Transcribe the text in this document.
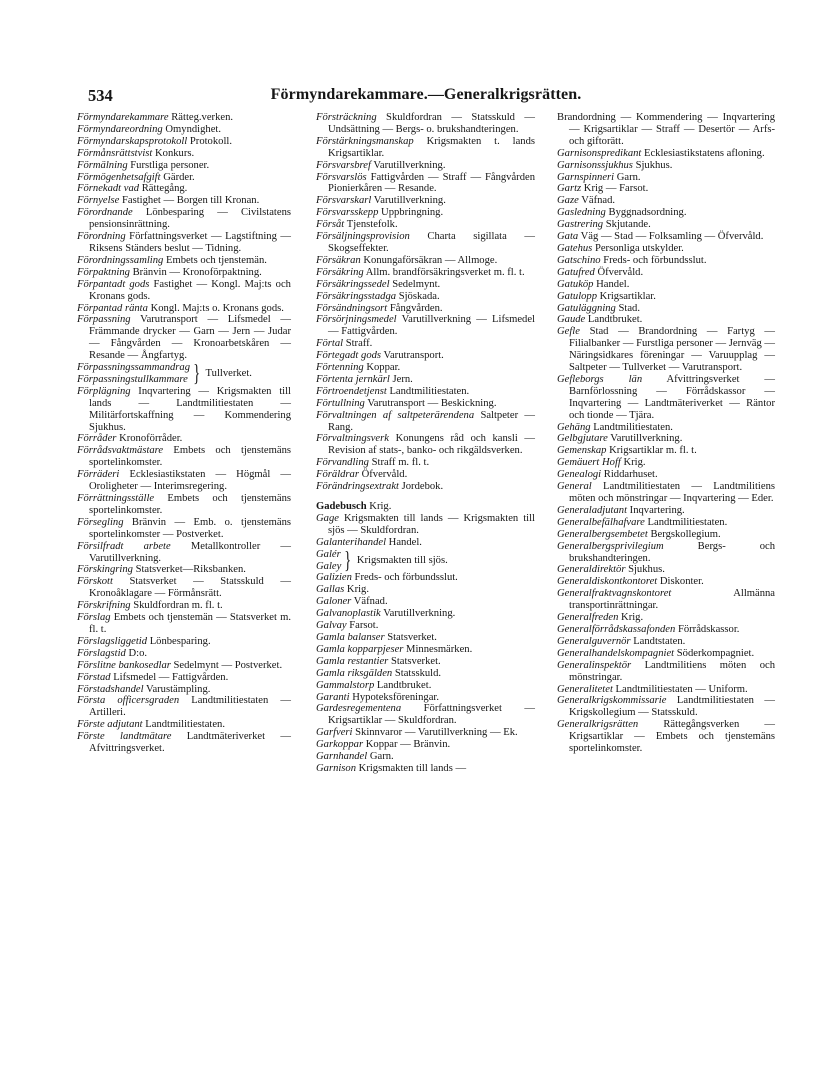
534	Förmyndarekammare.—Generalkrigsrätten.

Förmyndarekammare Rätteg.verken.

Förmyndareordning Omyndighet.

Förmyndarskapsprotokoll Protokoll.

Förmånsrättstvist Konkurs.

Förmälning Furstliga personer.

Förmögenhetsafgift Gärder.

Förnekadt vad Rättegång.

Förnyelse Fastighet — Borgen till Kronan.

Förordnande Lönbesparing — Civilstatens pensionsinrättning.

Förordning Författningsverket — Lagstiftning — Riksens Ständers beslut — Tidning.

Förordningssamling Embets och tjenstemän.

Förpaktning Bränvin — Kronoförpaktning.

Förpantadt gods Fastighet — Kongl. Maj:ts och Kronans gods.

Förpantad ränta Kongl. Maj:ts o. Kronans gods.

Förpassning Varutransport — Lifsmedel — Främmande drycker — Garn — Jern — Judar — Fångvården — Kronoarbetskåren — Resande — Ångfartyg.

Förpassningssammandrag
Förpassningstullkammare } Tullverket.

Förplägning Inqvartering — Krigsmakten till lands — Landtmilitiestaten — Militärfortskaffning — Kommendering Sjukhus.

Förråder Kronoförråder.

Förrådsvaktmästare Embets och tjenstemäns sportelinkomster.

Förräderi Ecklesiastikstaten — Högmål — Oroligheter — Interimsregering.

Förrättningsställe Embets och tjenstemäns sportelinkomster.

Försegling Bränvin — Emb. o. tjenstemäns sportelinkomster — Postverket.

Försilfradt arbete Metallkontroller — Varutillverkning.

Förskingring Statsverket—Riksbanken.

Förskott Statsverket — Statsskuld — Kronoåklagare — Förmånsrätt.

Förskrifning Skuldfordran m. fl. t.

Förslag Embets och tjenstemän — Statsverket m. fl. t.

Förslagsliggetid Lönbesparing.

Förslagstid D:o.

Förslitne bankosedlar Sedelmynt — Postverket.

Förstad Lifsmedel — Fattigvården.

Förstadshandel Varustämpling.

Första officersgraden Landtmilitiestaten — Artilleri.

Förste adjutant Landtmilitiestaten.

Förste landtmätare Landtmäteriverket — Afvittringsverket.

Försträckning Skuldfordran — Statsskuld — Undsättning — Bergs- o. brukshandteringen.

Förstärkningsmanskap Krigsmakten t. lands Krigsartiklar.

Försvarsbref Varutillverkning.

Försvarslös Fattigvården — Straff — Fångvården Pionierkåren — Resande.

Försvarskarl Varutillverkning.

Försvarsskepp Uppbringning.

Försåt Tjenstefolk.

Försäljningsprovision Charta sigillata — Skogseffekter.

Försäkran Konungaförsäkran — Allmoge.

Försäkring Allm. brandförsäkringsverket m. fl. t.

Försäkringssedel Sedelmynt.

Försäkringsstadga Sjöskada.

Försändningsort Fångvården.

Försörjningsmedel Varutillverkning — Lifsmedel — Fattigvården.

Förtal Straff.

Förtegadt gods Varutransport.

Förtenning Koppar.

Förtenta jernkärl Jern.

Förtroendetjenst Landtmilitiestaten.

Förtullning Varutransport — Beskickning.

Förvaltningen af saltpeterärendena Saltpeter — Rang.

Förvaltningsverk Konungens råd och kansli — Revision af stats-, banko- och rikgäldsverken.

Förvandling Straff m. fl. t.

Föräldrar Öfvervåld.

Förändringsextrakt Jordebok.

Gadebusch Krig.

Gage Krigsmakten till lands — Krigsmakten till sjös — Skuldfordran.

Galanterihandel Handel.

Galér
Galey } Krigsmakten till sjös.

Galizien Freds- och förbundsslut.

Gallas Krig.

Galoner Väfnad.

Galvanoplastik Varutillverkning.

Galvay Farsot.

Gamla balanser Statsverket.

Gamla kopparpjeser Minnesmärken.

Gamla restantier Statsverket.

Gamla riksgälden Statsskuld.

Gammalstorp Landtbruket.

Garanti Hypoteksföreningar.

Gardesregementena Författningsverket — Krigsartiklar — Skuldfordran.

Garfveri Skinnvaror — Varutillverkning — Ek.

Garkoppar Koppar — Bränvin.

Garnhandel Garn.

Garnison Krigsmakten till lands —

Brandordning — Kommendering — Inqvartering — Krigsartiklar — Straff — Desertör — Arfs- och giftorätt.

Garnisonspredikant Ecklesiastikstatens afloning.

Garnisonssjukhus Sjukhus.

Garnspinneri Garn.

Gartz Krig — Farsot.

Gaze Väfnad.

Gasledning Byggnadsordning.

Gastrering Skjutande.

Gata Väg — Stad — Folksamling — Öfvervåld.

Gatehus Personliga utskylder.

Gatschino Freds- och förbundsslut.

Gatufred Öfvervåld.

Gatuköp Handel.

Gatulopp Krigsartiklar.

Gatuläggning Stad.

Gaude Landtbruket.

Gefle Stad — Brandordning — Fartyg — Filialbanker — Furstliga personer — Jernväg — Näringsidkares föreningar — Varuupplag — Saltpeter — Tullverket — Varutransport.

Gefleborgs län Afvittringsverket — Barnförlossning — Förrådskassor — Inqvartering — Landtmäteriverket — Räntor och tionde — Tjära.

Gehäng Landtmilitiestaten.

Gelbgjutare Varutillverkning.

Gemenskap Krigsartiklar m. fl. t.

Gemäuert Hoff Krig.

Genealogi Riddarhuset.

General Landtmilitiestaten — Landtmilitiens möten och mönstringar — Inqvartering — Eder.

Generaladjutant Inqvartering.

Generalbefälhafvare Landtmilitiestaten.

Generalbergsembetet Bergskollegium.

Generalbergsprivilegium Bergs- och brukshandteringen.

Generaldirektör Sjukhus.

Generaldiskontkontoret Diskonter.

Generalfraktvagnskontoret Allmänna transportinrättningar.

Generalfreden Krig.

Generalförrådskassafonden Förrådskassor.

Generalguvernör Landtstaten.

Generalhandelskompagniet Söderkompagniet.

Generalinspektör Landtmilitiens möten och mönstringar.

Generalitetet Landtmilitiestaten — Uniform.

Generalkrigskommissarie Landtmilitiestaten — Krigskollegium — Statsskuld.

Generalkrigsrätten Rättegångsverken — Krigsartiklar — Embets och tjenstemäns sportelinkomster.
